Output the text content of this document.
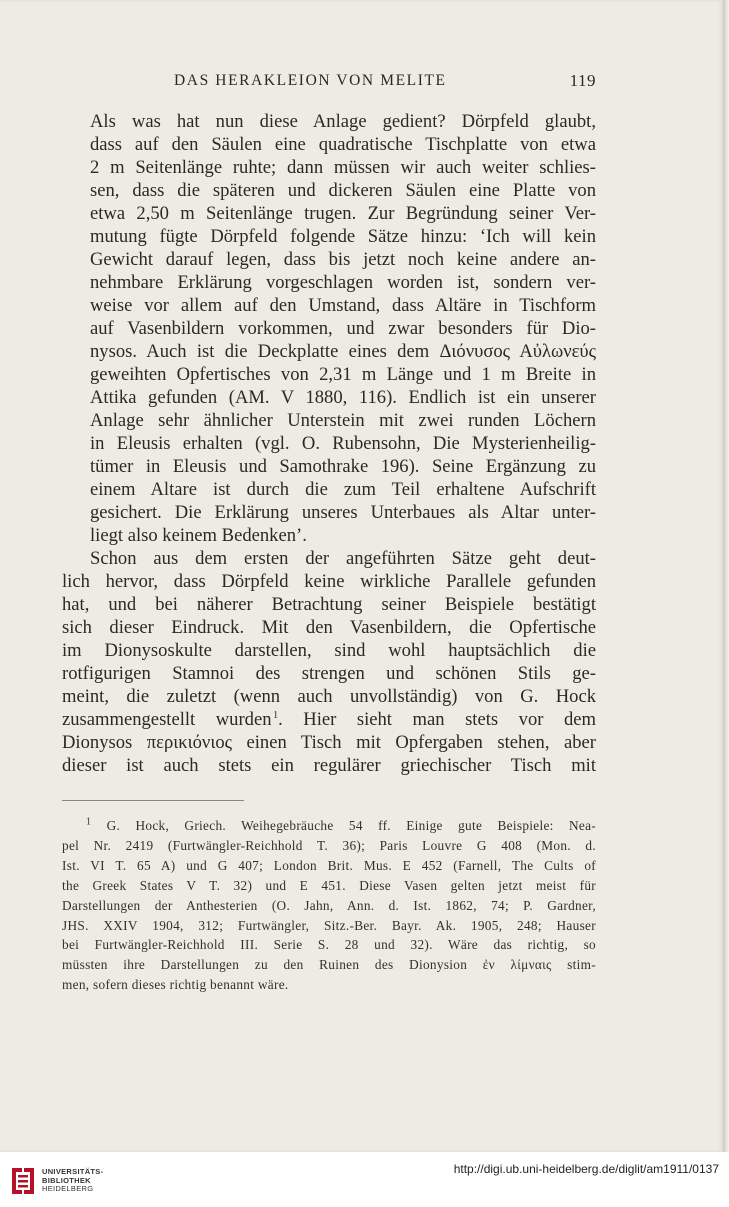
DAS HERAKLEION VON MELITE	119

Als was hat nun diese Anlage gedient? Dörpfeld glaubt,
dass auf den Säulen eine quadratische Tischplatte von etwa
2 m Seitenlänge ruhte; dann müssen wir auch weiter schlies-
sen, dass die späteren und dickeren Säulen eine Platte von
etwa 2,50 m Seitenlänge trugen. Zur Begründung seiner Ver-
mutung fügte Dörpfeld folgende Sätze hinzu: ‘Ich will kein
Gewicht darauf legen, dass bis jetzt noch keine andere an-
nehmbare Erklärung vorgeschlagen worden ist, sondern ver-
weise vor allem auf den Umstand, dass Altäre in Tischform
auf Vasenbildern vorkommen, und zwar besonders für Dio-
nysos. Auch ist die Deckplatte eines dem Διόνυσος Αὐλωνεύς
geweihten Opfertisches von 2,31 m Länge und 1 m Breite in
Attika gefunden (AM. V 1880, 116). Endlich ist ein unserer
Anlage sehr ähnlicher Unterstein mit zwei runden Löchern
in Eleusis erhalten (vgl. O. Rubensohn, Die Mysterienheilig-
tümer in Eleusis und Samothrake 196). Seine Ergänzung zu
einem Altare ist durch die zum Teil erhaltene Aufschrift
gesichert. Die Erklärung unseres Unterbaues als Altar unter-
liegt also keinem Bedenken’.

Schon aus dem ersten der angeführten Sätze geht deut-
lich hervor, dass Dörpfeld keine wirkliche Parallele gefunden
hat, und bei näherer Betrachtung seiner Beispiele bestätigt
sich dieser Eindruck. Mit den Vasenbildern, die Opfertische
im Dionysoskulte darstellen, sind wohl hauptsächlich die
rotfigurigen Stamnoi des strengen und schönen Stils ge-
meint, die zuletzt (wenn auch unvollständig) von G. Hock
zusammengestellt wurden  $^1$. Hier sieht man stets vor dem
Dionysos περικιόνιος einen Tisch mit Opfergaben stehen, aber
dieser ist auch stets ein regulärer griechischer Tisch mit

$^1$ G. Hock, Griech. Weihegebräuche 54 ff. Einige gute Beispiele: Nea-
pel Nr. 2419 (Furtwängler-Reichhold T. 36); Paris Louvre G 408 (Mon. d.
Ist. VI T. 65 A) und G 407; London Brit. Mus. E 452 (Farnell, The Cults of
the Greek States V T. 32) und E 451. Diese Vasen gelten jetzt meist für
Darstellungen der Anthesterien (O. Jahn, Ann. d. Ist. 1862, 74; P. Gardner,
JHS. XXIV 1904, 312; Furtwängler, Sitz.-Ber. Bayr. Ak. 1905, 248; Hauser
bei Furtwängler-Reichhold III. Serie S. 28 und 32). Wäre das richtig, so
müssten ihre Darstellungen zu den Ruinen des Dionysion ἐν λίμναις stim-
men, sofern dieses richtig benannt wäre.
UNIVERSITÄTS-
BIBLIOTHEK
HEIDELBERG
http://digi.ub.uni-heidelberg.de/diglit/am1911/0137
